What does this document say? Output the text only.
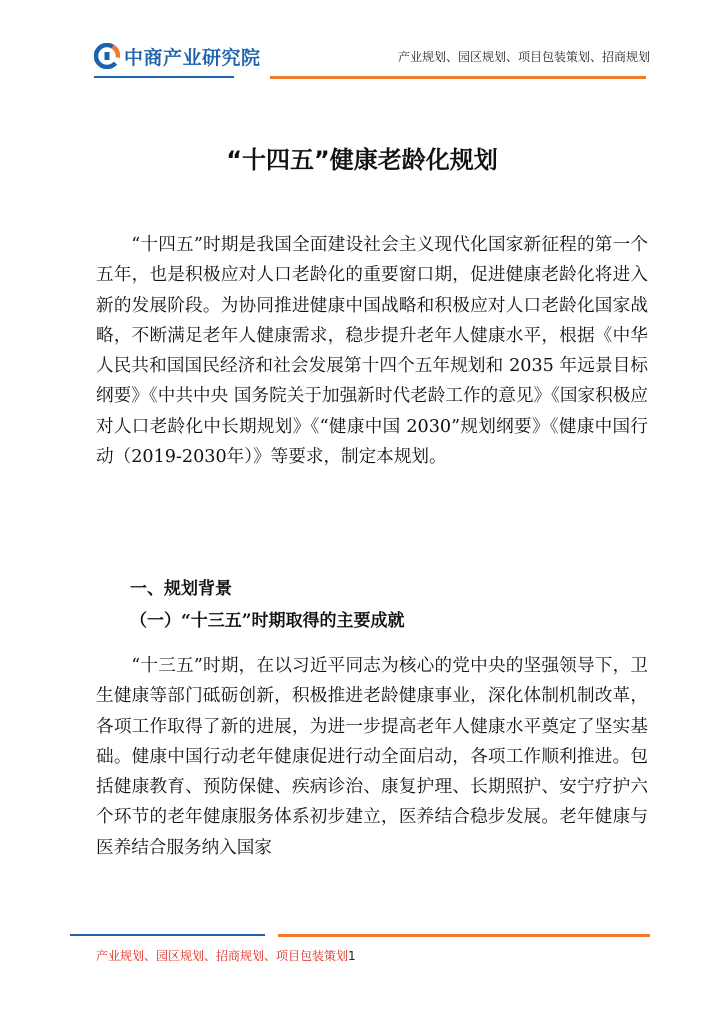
中商产业研究院	产业规划、园区规划、项目包装策划、招商规划
“十四五”健康老龄化规划

“十四五”时期是我国全面建设社会主义现代化国家新征程的第一个五年，也是积极应对人口老龄化的重要窗口期，促进健康老龄化将进入新的发展阶段。为协同推进健康中国战略和积极应对人口老龄化国家战略，不断满足老年人健康需求，稳步提升老年人健康水平，根据《中华人民共和国国民经济和社会发展第十四个五年规划和 2035 年远景目标纲要》《中共中央 国务院关于加强新时代老龄工作的意见》《国家积极应对人口老龄化中长期规划》《“健康中国 2030”规划纲要》《健康中国行动（2019-2030年）》等要求，制定本规划。

一、规划背景

（一）“十三五”时期取得的主要成就

“十三五”时期，在以习近平同志为核心的党中央的坚强领导下，卫生健康等部门砥砺创新，积极推进老龄健康事业，深化体制机制改革，各项工作取得了新的进展，为进一步提高老年人健康水平奠定了坚实基础。健康中国行动老年健康促进行动全面启动，各项工作顺利推进。包括健康教育、预防保健、疾病诊治、康复护理、长期照护、安宁疗护六个环节的老年健康服务体系初步建立，医养结合稳步发展。老年健康与医养结合服务纳入国家

产业规划、园区规划、招商规划、项目包装策划1
